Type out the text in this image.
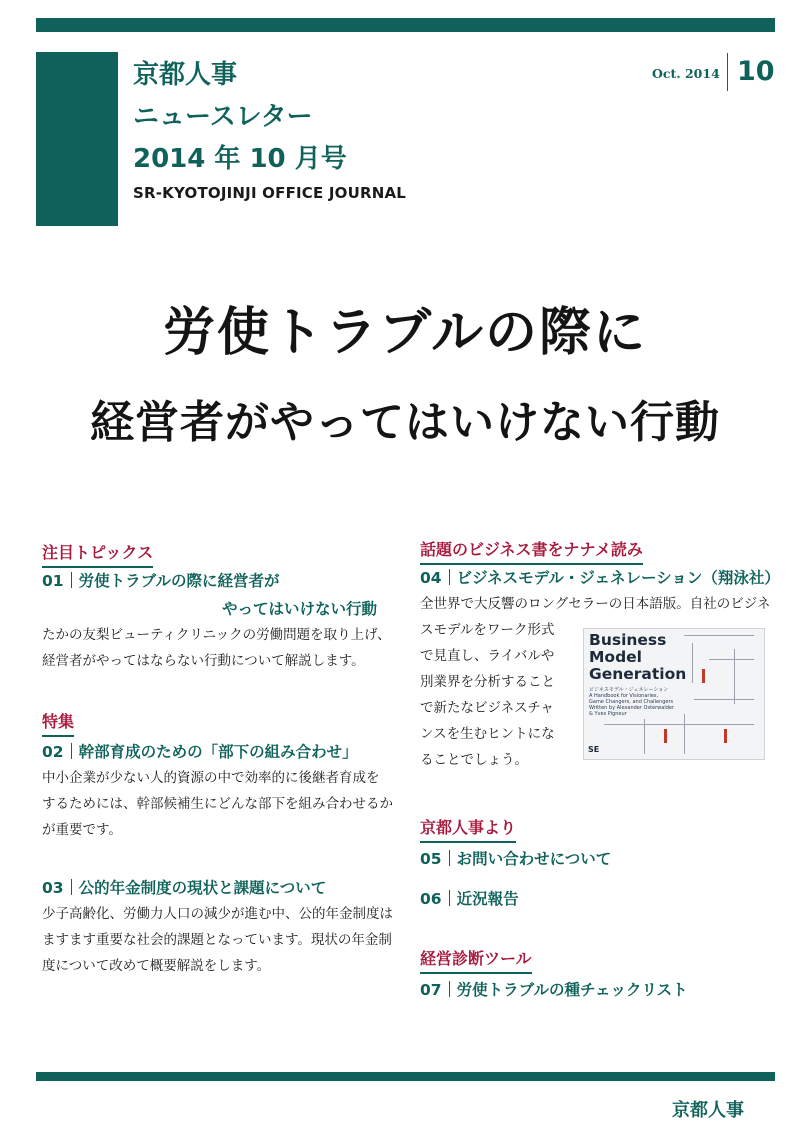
京都人事
ニュースレター
2014 年 10 月号
SR-KYOTOJINJI OFFICE JOURNAL
Oct. 2014 10
労使トラブルの際に
経営者がやってはいけない行動
注目トピックス
01 労使トラブルの際に経営者が
やってはいけない行動
たかの友梨ビューティクリニックの労働問題を取り上げ、
経営者がやってはならない行動について解説します。
特集
02 幹部育成のための「部下の組み合わせ」
中小企業が少ない人的資源の中で効率的に後継者育成を
するためには、幹部候補生にどんな部下を組み合わせるか
が重要です。
03 公的年金制度の現状と課題について
少子高齢化、労働力人口の減少が進む中、公的年金制度は
ますます重要な社会的課題となっています。現状の年金制
度について改めて概要解説をします。
話題のビジネス書をナナメ読み
04 ビジネスモデル・ジェネレーション（翔泳社）
全世界で大反響のロングセラーの日本語版。自社のビジネ
スモデルをワーク形式
で見直し、ライバルや
別業界を分析すること
で新たなビジネスチャ
ンスを生むヒントにな
ることでしょう。
Business
Model
Generation
ビジネスモデル・ジェネレーション
A Handbook for Visionaries, Game Changers, and Challengers
Written by Alexander Osterwalder & Yves Pigneur
SE
京都人事より
05 お問い合わせについて
06 近況報告
経営診断ツール
07 労使トラブルの種チェックリスト
京都人事
